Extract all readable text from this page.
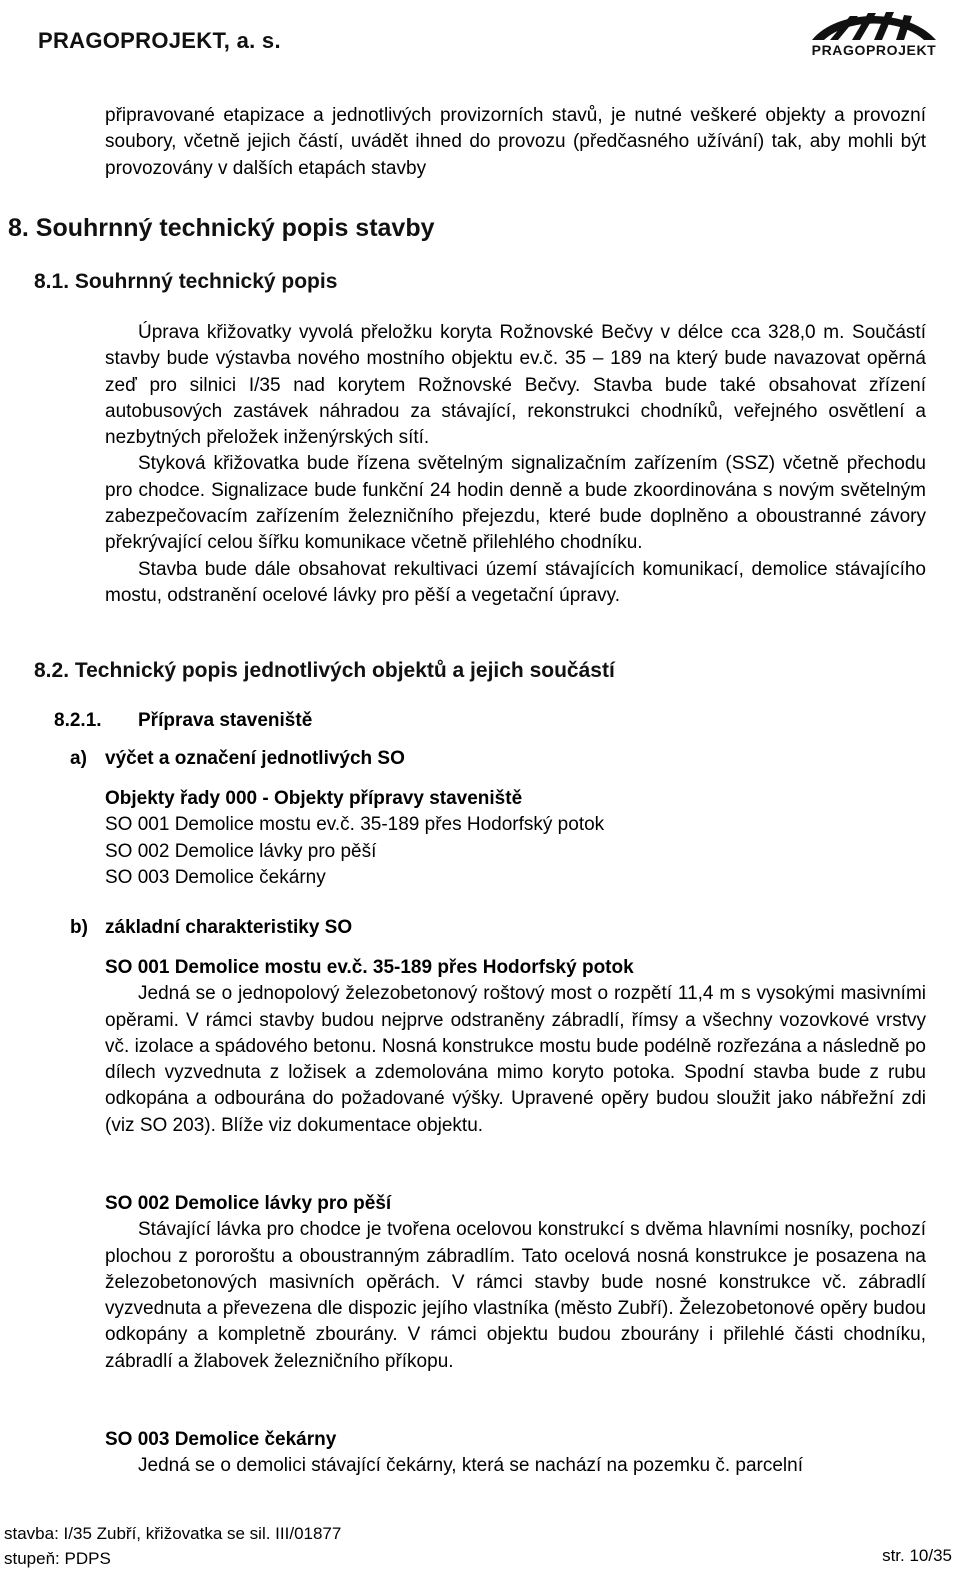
PRAGOPROJEKT, a. s.	PRAGOPROJEKT

připravované etapizace a jednotlivých provizorních stavů, je nutné veškeré objekty a provozní soubory, včetně jejich částí, uvádět ihned do provozu (předčasného užívání) tak, aby mohli být provozovány v dalších etapách stavby

8. Souhrnný technický popis stavby
8.1. Souhrnný technický popis

Úprava křižovatky vyvolá přeložku koryta Rožnovské Bečvy v délce cca 328,0 m. Součástí stavby bude výstavba nového mostního objektu ev.č. 35 – 189 na který bude navazovat opěrná zeď pro silnici I/35 nad korytem Rožnovské Bečvy. Stavba bude také obsahovat zřízení autobusových zastávek náhradou za stávající, rekonstrukci chodníků, veřejného osvětlení a nezbytných přeložek inženýrských sítí.

Styková křižovatka bude řízena světelným signalizačním zařízením (SSZ) včetně přechodu pro chodce. Signalizace bude funkční 24 hodin denně a bude zkoordinována s novým světelným zabezpečovacím zařízením železničního přejezdu, které bude doplněno a oboustranné závory překrývající celou šířku komunikace včetně přilehlého chodníku.

Stavba bude dále obsahovat rekultivaci území stávajících komunikací, demolice stávajícího mostu, odstranění ocelové lávky pro pěší a vegetační úpravy.

8.2. Technický popis jednotlivých objektů a jejich součástí
8.2.1. Příprava staveniště
a) výčet a označení jednotlivých SO

Objekty řady 000 - Objekty přípravy staveniště

SO 001 Demolice mostu ev.č. 35-189 přes Hodorfský potok

SO 002 Demolice lávky pro pěší

SO 003 Demolice čekárny

b) základní charakteristiky SO

SO 001 Demolice mostu ev.č. 35-189 přes Hodorfský potok

Jedná se o jednopolový železobetonový roštový most o rozpětí 11,4 m s vysokými masivními opěrami. V rámci stavby budou nejprve odstraněny zábradlí, římsy a všechny vozovkové vrstvy vč. izolace a spádového betonu. Nosná konstrukce mostu bude podélně rozřezána a následně po dílech vyzvednuta z ložisek a zdemolována mimo koryto potoka. Spodní stavba bude z rubu odkopána a odbourána do požadované výšky. Upravené opěry budou sloužit jako nábřežní zdi (viz SO 203). Blíže viz dokumentace objektu.

SO 002 Demolice lávky pro pěší

Stávající lávka pro chodce je tvořena ocelovou konstrukcí s dvěma hlavními nosníky, pochozí plochou z pororoštu a oboustranným zábradlím. Tato ocelová nosná konstrukce je posazena na železobetonových masivních opěrách. V rámci stavby bude nosné konstrukce vč. zábradlí vyzvednuta a převezena dle dispozic jejího vlastníka (město Zubří). Železobetonové opěry budou odkopány a kompletně zbourány. V rámci objektu budou zbourány i přilehlé části chodníku, zábradlí a žlabovek železničního příkopu.

SO 003 Demolice čekárny

Jedná se o demolici stávající čekárny, která se nachází na pozemku č. parcelní

stavba: I/35 Zubří, křižovatka se sil. III/01877
stupeň: PDPS	str. 10/35
